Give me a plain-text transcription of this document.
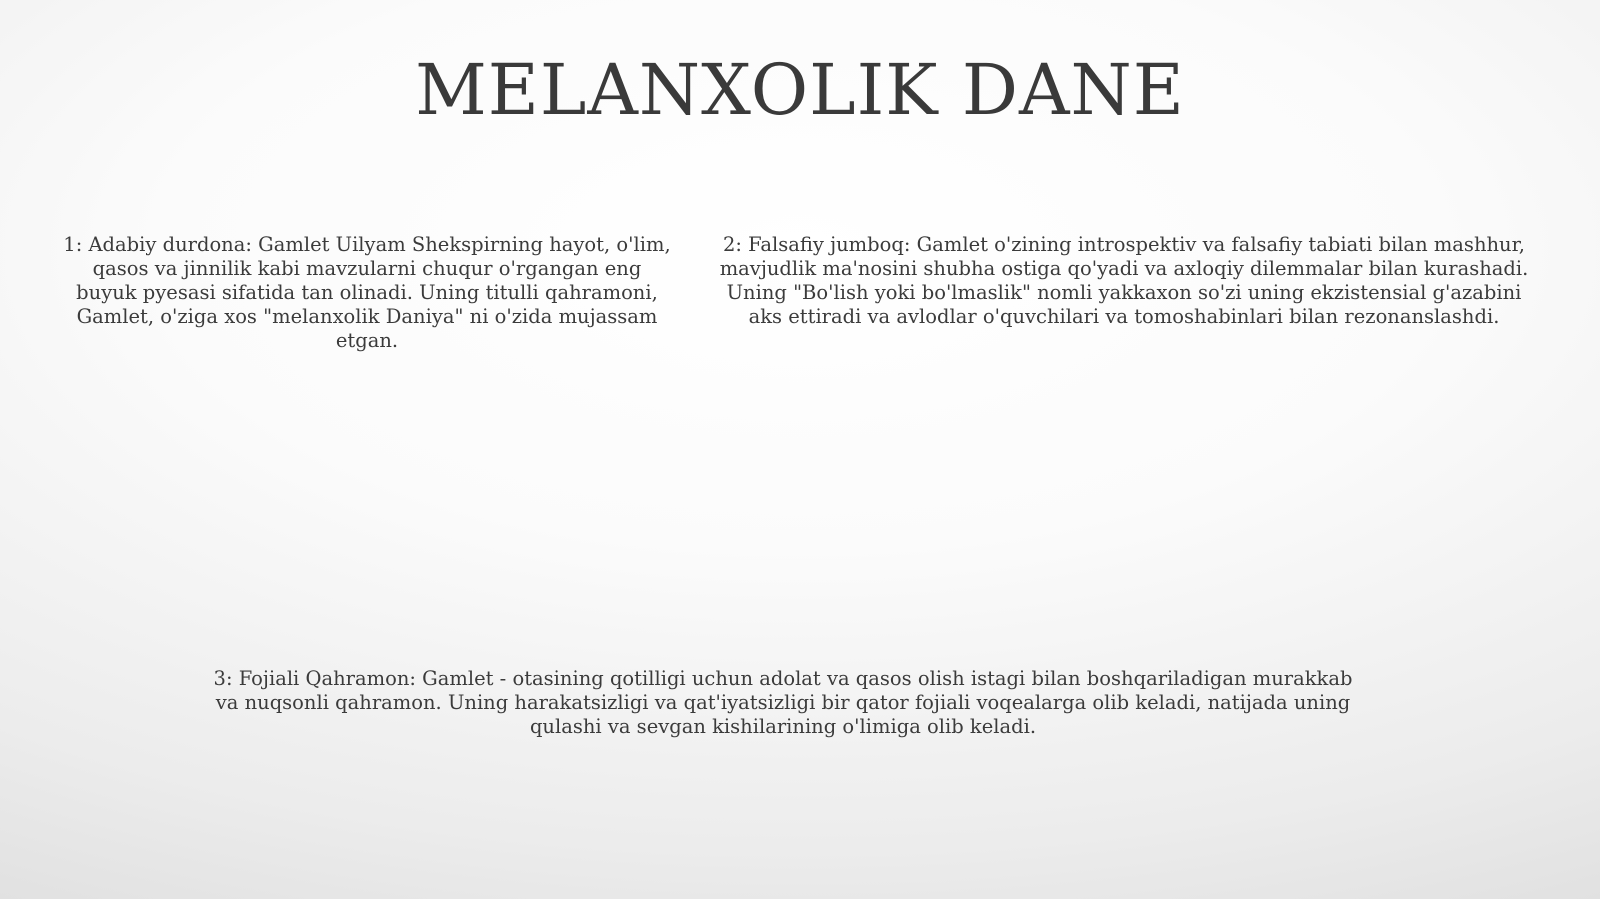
MELANXOLIK DANE

1: Adabiy durdona: Gamlet Uilyam Shekspirning hayot, o'lim, qasos va jinnilik kabi mavzularni chuqur o'rgangan eng buyuk pyesasi sifatida tan olinadi. Uning titulli qahramoni, Gamlet, o'ziga xos "melanxolik Daniya" ni o'zida mujassam etgan.

2: Falsafiy jumboq: Gamlet o'zining introspektiv va falsafiy tabiati bilan mashhur, mavjudlik ma'nosini shubha ostiga qo'yadi va axloqiy dilemmalar bilan kurashadi. Uning "Bo'lish yoki bo'lmaslik" nomli yakkaxon so'zi uning ekzistensial g'azabini aks ettiradi va avlodlar o'quvchilari va tomoshabinlari bilan rezonanslashdi.

3: Fojiali Qahramon: Gamlet - otasining qotilligi uchun adolat va qasos olish istagi bilan boshqariladigan murakkab va nuqsonli qahramon. Uning harakatsizligi va qat'iyatsizligi bir qator fojiali voqealarga olib keladi, natijada uning qulashi va sevgan kishilarining o'limiga olib keladi.
